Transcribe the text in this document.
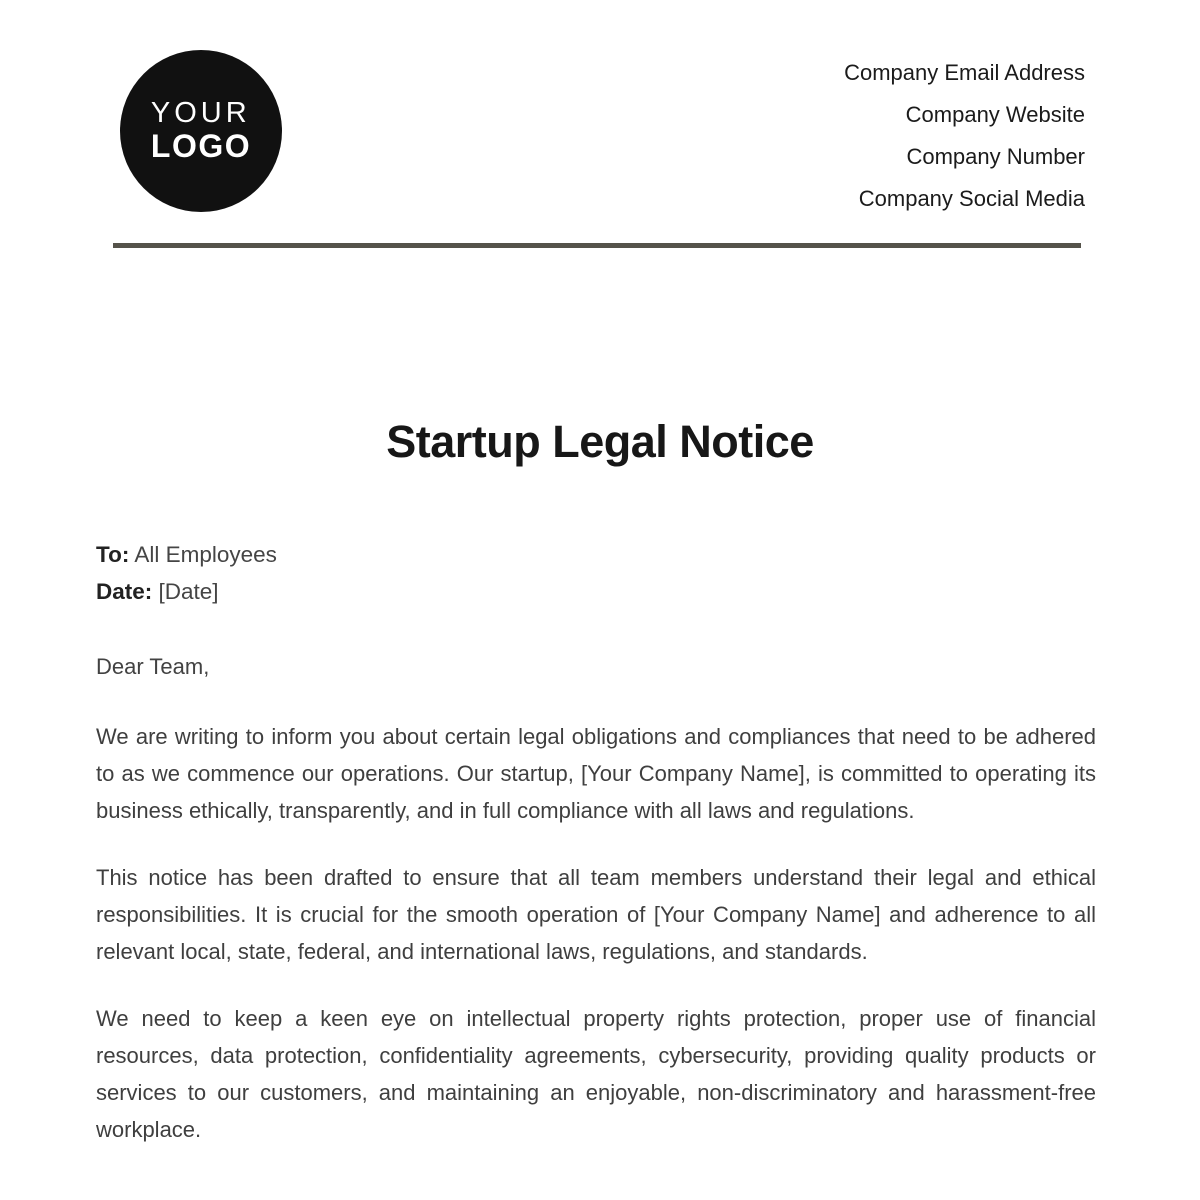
YOUR
LOGO
Company Email Address
Company Website
Company Number
Company Social Media
Startup Legal Notice
To: All Employees
Date: [Date]
Dear Team,

We are writing to inform you about certain legal obligations and compliances that need to be adhered to as we commence our operations. Our startup, [Your Company Name], is committed to operating its business ethically, transparently, and in full compliance with all laws and regulations.

This notice has been drafted to ensure that all team members understand their legal and ethical responsibilities. It is crucial for the smooth operation of [Your Company Name] and adherence to all relevant local, state, federal, and international laws, regulations, and standards.

We need to keep a keen eye on intellectual property rights protection, proper use of financial resources, data protection, confidentiality agreements, cybersecurity, providing quality products or services to our customers, and maintaining an enjoyable, non-discriminatory and harassment-free workplace.
